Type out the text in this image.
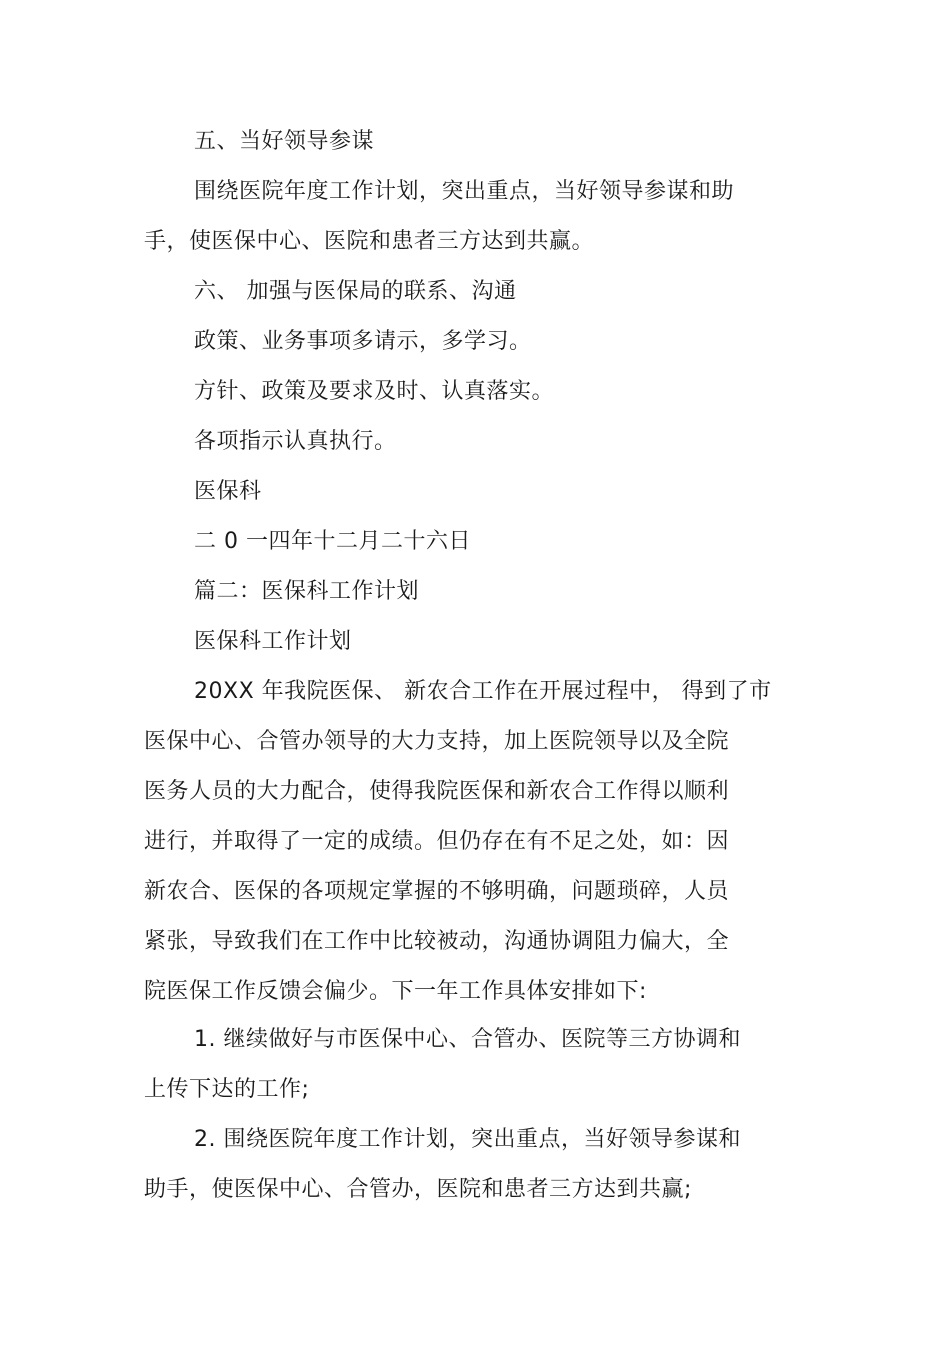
五、当好领导参谋
围绕医院年度工作计划，突出重点，当好领导参谋和助
手，使医保中心、医院和患者三方达到共赢。
六、 加强与医保局的联系、沟通
政策、业务事项多请示，多学习。
方针、政策及要求及时、认真落实。
各项指示认真执行。
医保科
二 0 一四年十二月二十六日
篇二：医保科工作计划
医保科工作计划
20XX 年我院医保、 新农合工作在开展过程中， 得到了市
医保中心、合管办领导的大力支持，加上医院领导以及全院
医务人员的大力配合，使得我院医保和新农合工作得以顺利
进行，并取得了一定的成绩。但仍存在有不足之处，如：因
新农合、医保的各项规定掌握的不够明确，问题琐碎，人员
紧张，导致我们在工作中比较被动，沟通协调阻力偏大，全
院医保工作反馈会偏少。下一年工作具体安排如下:
1. 继续做好与市医保中心、合管办、医院等三方协调和
上传下达的工作;
2. 围绕医院年度工作计划，突出重点，当好领导参谋和
助手，使医保中心、合管办，医院和患者三方达到共赢;
